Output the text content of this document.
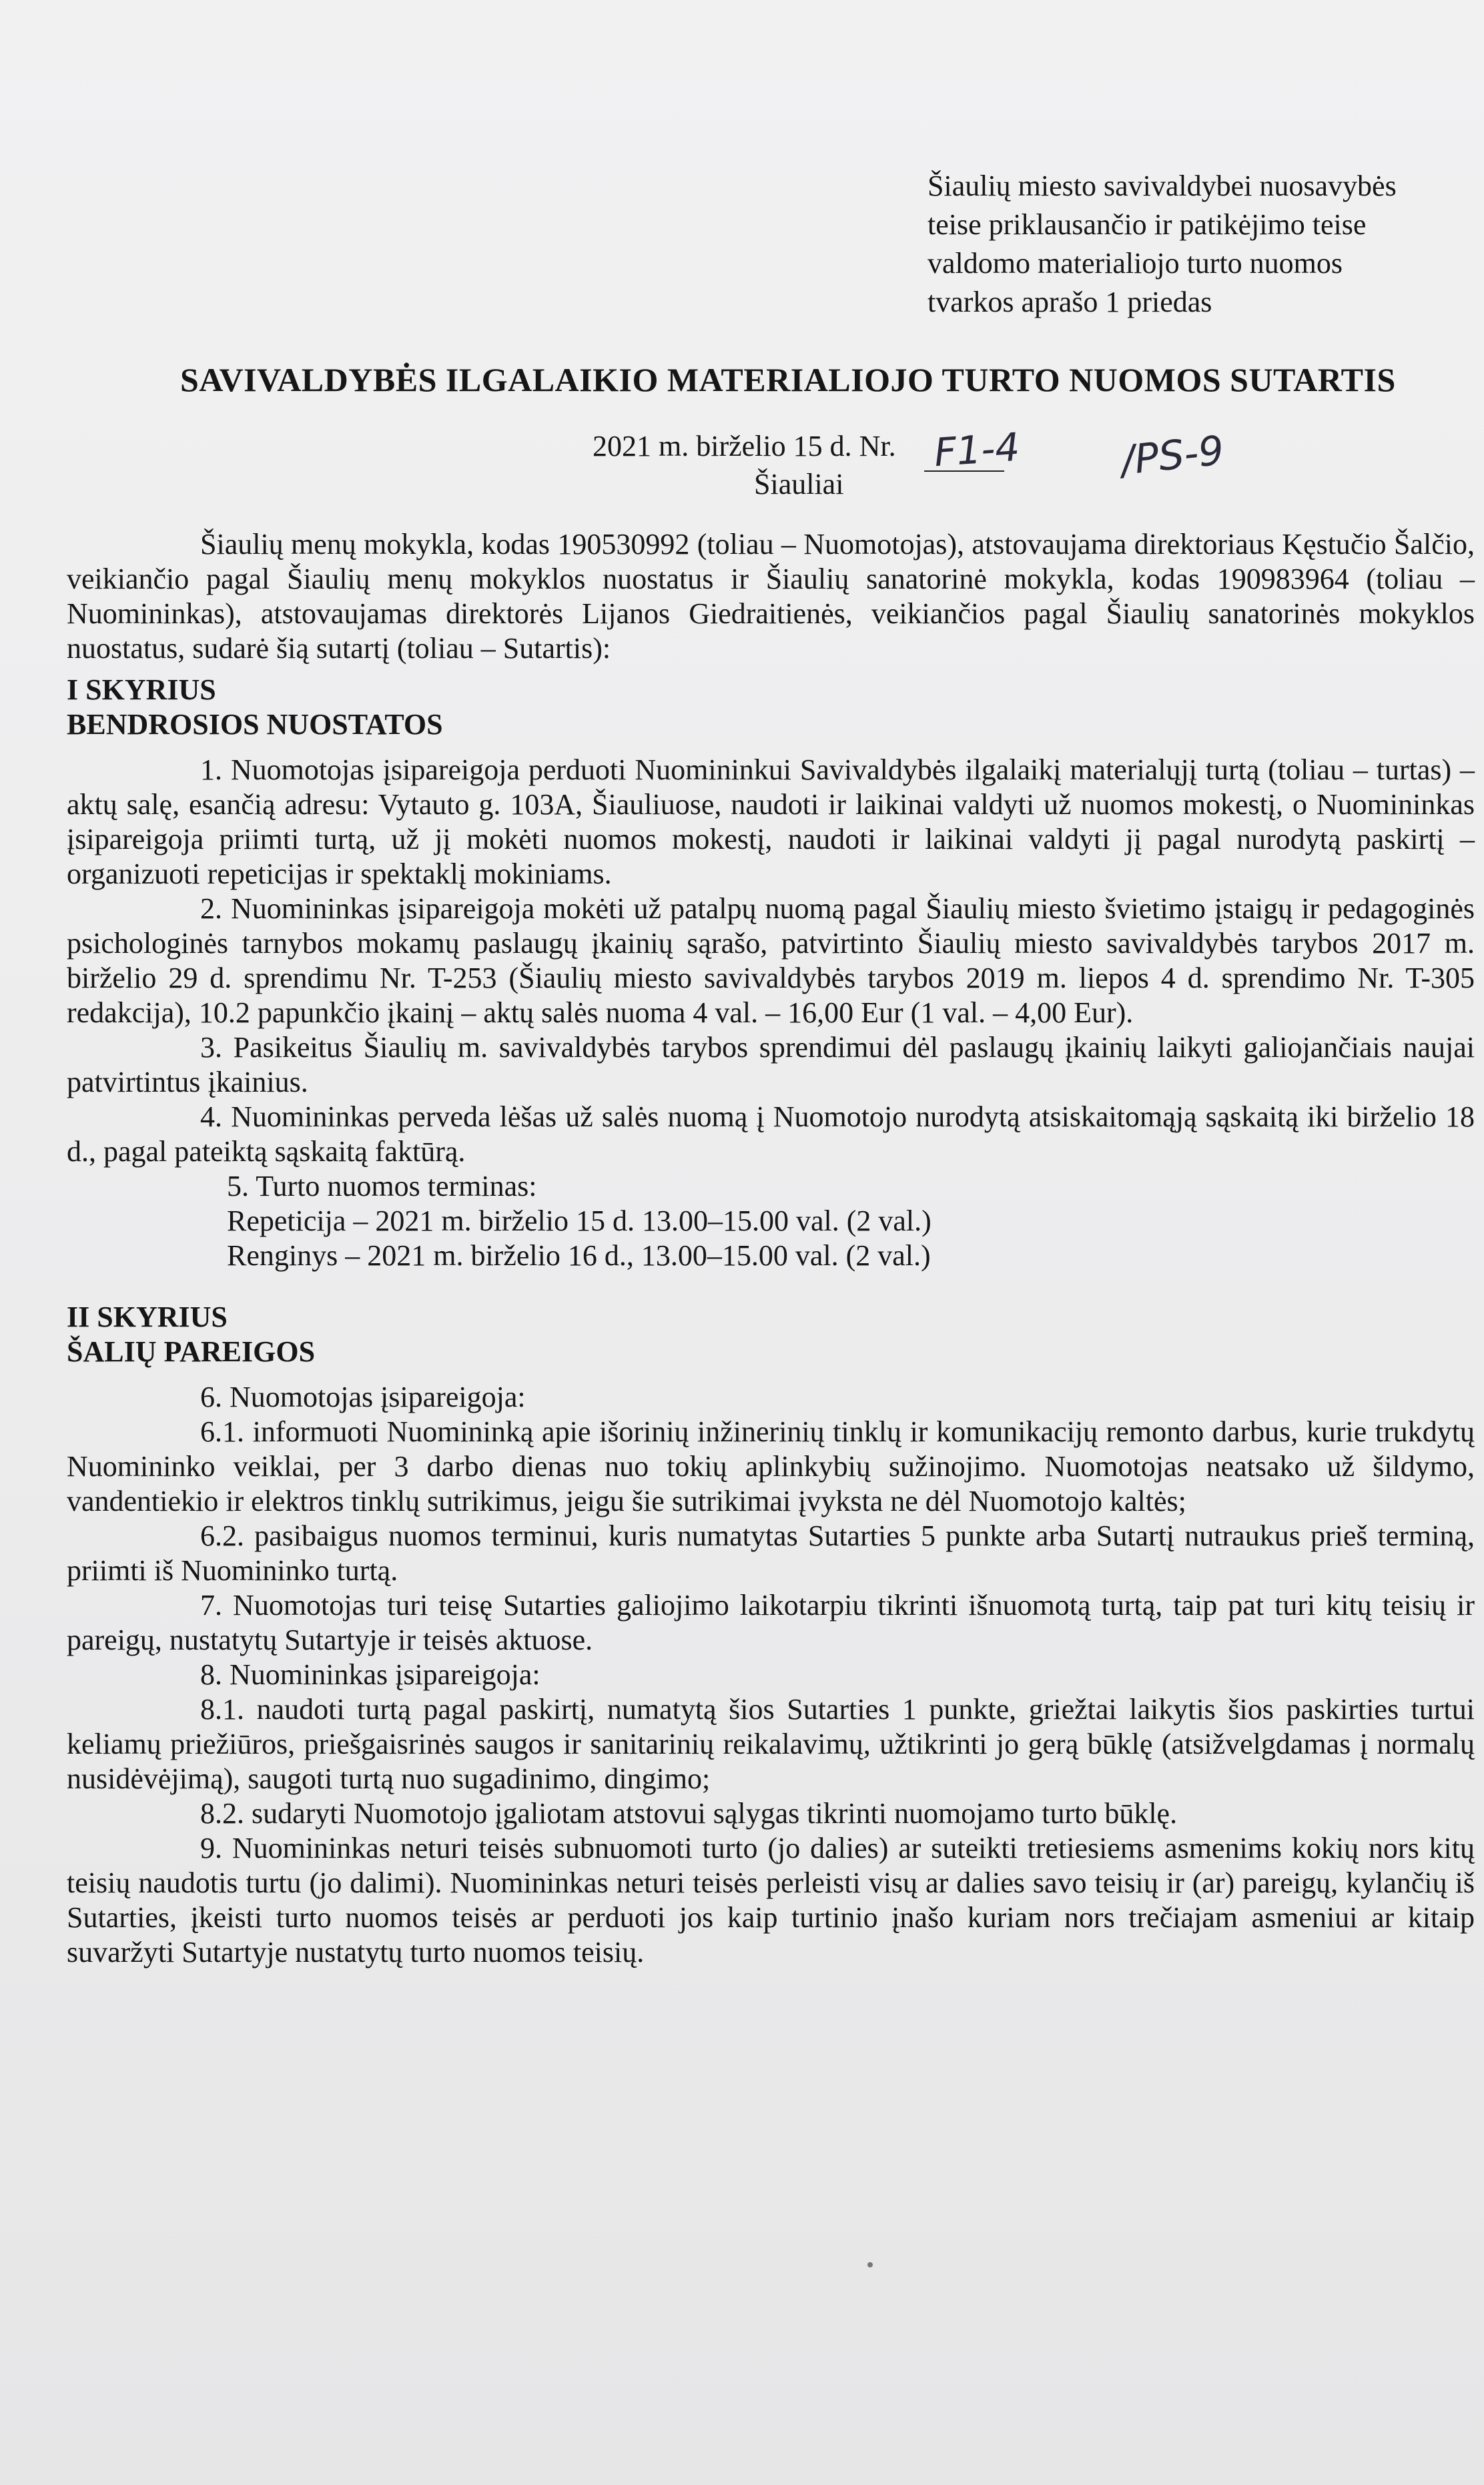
Šiaulių miesto savivaldybei nuosavybės
teise priklausančio ir patikėjimo teise
valdomo materialiojo turto nuomos
tvarkos aprašo 1 priedas
SAVIVALDYBĖS ILGALAIKIO MATERIALIOJO TURTO NUOMOS SUTARTIS
2021 m. birželio 15 d. Nr. F1-4 /PS-9
Šiauliai

Šiaulių menų mokykla, kodas 190530992 (toliau – Nuomotojas), atstovaujama direktoriaus Kęstučio Šalčio, veikiančio pagal Šiaulių menų mokyklos nuostatus ir Šiaulių sanatorinė mokykla, kodas 190983964 (toliau – Nuomininkas), atstovaujamas direktorės Lijanos Giedraitienės, veikiančios pagal Šiaulių sanatorinės mokyklos nuostatus, sudarė šią sutartį (toliau – Sutartis):

I SKYRIUS

BENDROSIOS NUOSTATOS

1. Nuomotojas įsipareigoja perduoti Nuomininkui Savivaldybės ilgalaikį materialųjį turtą (toliau – turtas) – aktų salę, esančią adresu: Vytauto g. 103A, Šiauliuose, naudoti ir laikinai valdyti už nuomos mokestį, o Nuomininkas įsipareigoja priimti turtą, už jį mokėti nuomos mokestį, naudoti ir laikinai valdyti jį pagal nurodytą paskirtį – organizuoti repeticijas ir spektaklį mokiniams.

2. Nuomininkas įsipareigoja mokėti už patalpų nuomą pagal Šiaulių miesto švietimo įstaigų ir pedagoginės psichologinės tarnybos mokamų paslaugų įkainių sąrašo, patvirtinto Šiaulių miesto savivaldybės tarybos 2017 m. birželio 29 d. sprendimu Nr. T-253 (Šiaulių miesto savivaldybės tarybos 2019 m. liepos 4 d. sprendimo Nr. T-305 redakcija), 10.2 papunkčio įkainį – aktų salės nuoma 4 val. – 16,00 Eur (1 val. – 4,00 Eur).

3. Pasikeitus Šiaulių m. savivaldybės tarybos sprendimui dėl paslaugų įkainių laikyti galiojančiais naujai patvirtintus įkainius.

4. Nuomininkas perveda lėšas už salės nuomą į Nuomotojo nurodytą atsiskaitomąją sąskaitą iki birželio 18 d., pagal pateiktą sąskaitą faktūrą.

5. Turto nuomos terminas:

Repeticija – 2021 m. birželio 15 d. 13.00–15.00 val. (2 val.)

Renginys – 2021 m. birželio 16 d., 13.00–15.00 val. (2 val.)

II SKYRIUS

ŠALIŲ PAREIGOS

6. Nuomotojas įsipareigoja:

6.1. informuoti Nuomininką apie išorinių inžinerinių tinklų ir komunikacijų remonto darbus, kurie trukdytų Nuomininko veiklai, per 3 darbo dienas nuo tokių aplinkybių sužinojimo. Nuomotojas neatsako už šildymo, vandentiekio ir elektros tinklų sutrikimus, jeigu šie sutrikimai įvyksta ne dėl Nuomotojo kaltės;

6.2. pasibaigus nuomos terminui, kuris numatytas Sutarties 5 punkte arba Sutartį nutraukus prieš terminą, priimti iš Nuomininko turtą.

7. Nuomotojas turi teisę Sutarties galiojimo laikotarpiu tikrinti išnuomotą turtą, taip pat turi kitų teisių ir pareigų, nustatytų Sutartyje ir teisės aktuose.

8. Nuomininkas įsipareigoja:

8.1. naudoti turtą pagal paskirtį, numatytą šios Sutarties 1 punkte, griežtai laikytis šios paskirties turtui keliamų priežiūros, priešgaisrinės saugos ir sanitarinių reikalavimų, užtikrinti jo gerą būklę (atsižvelgdamas į normalų nusidėvėjimą), saugoti turtą nuo sugadinimo, dingimo;

8.2. sudaryti Nuomotojo įgaliotam atstovui sąlygas tikrinti nuomojamo turto būklę.

9. Nuomininkas neturi teisės subnuomoti turto (jo dalies) ar suteikti tretiesiems asmenims kokių nors kitų teisių naudotis turtu (jo dalimi). Nuomininkas neturi teisės perleisti visų ar dalies savo teisių ir (ar) pareigų, kylančių iš Sutarties, įkeisti turto nuomos teisės ar perduoti jos kaip turtinio įnašo kuriam nors trečiajam asmeniui ar kitaip suvaržyti Sutartyje nustatytų turto nuomos teisių.
